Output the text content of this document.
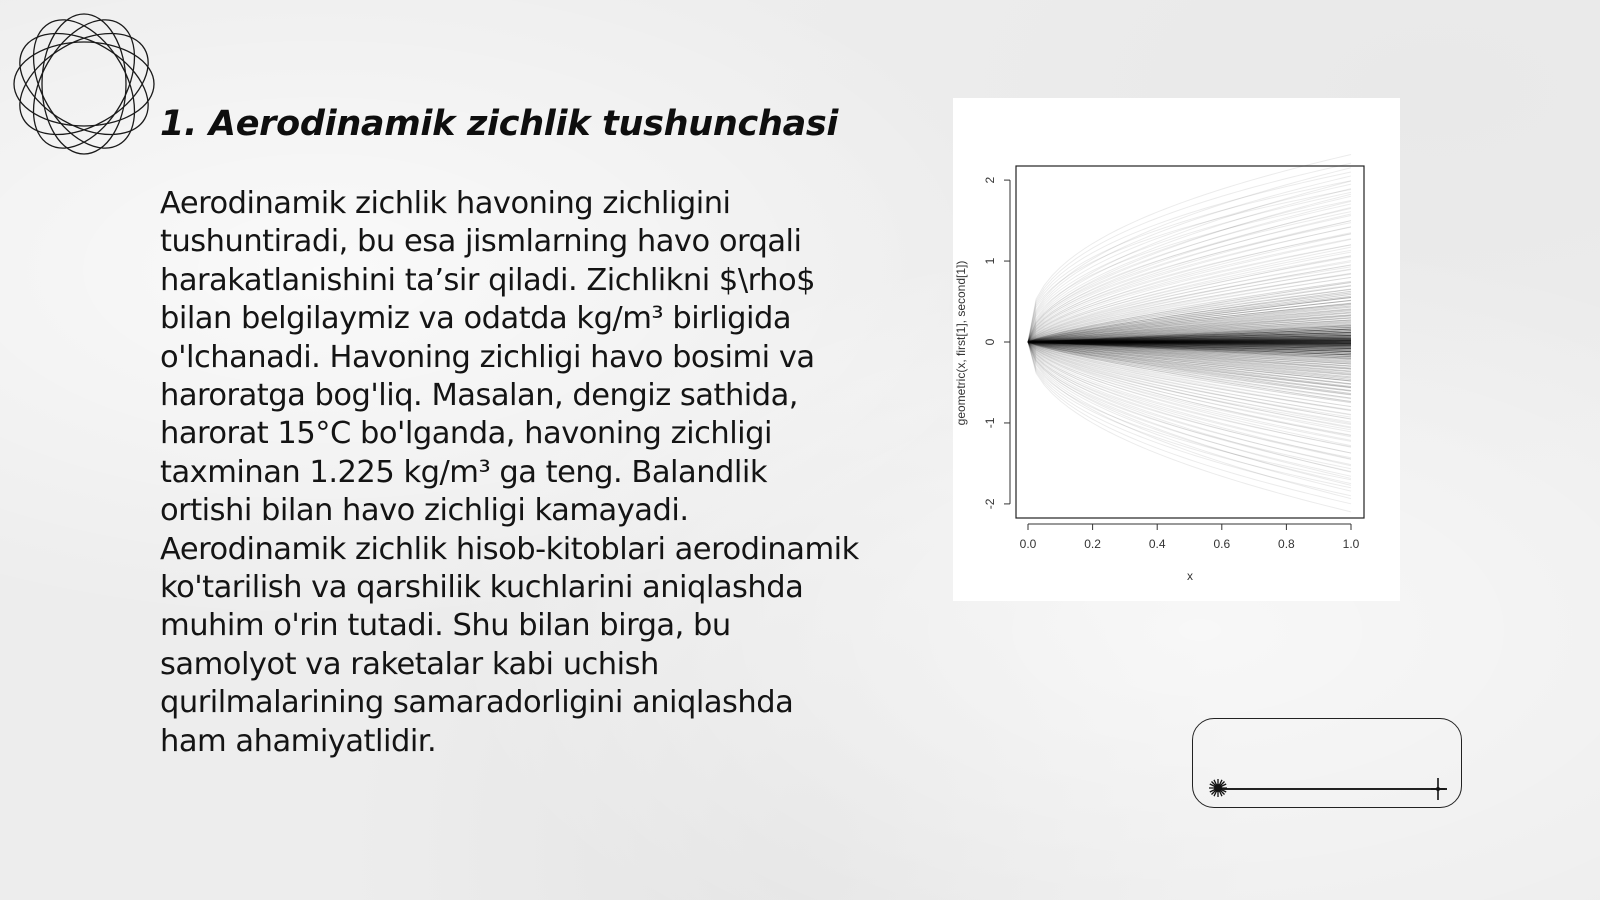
1. Aerodinamik zichlik tushunchasi

Aerodinamik zichlik havoning zichligini tushuntiradi, bu esa jismlarning havo orqali harakatlanishini ta’sir qiladi. Zichlikni $\rho$ bilan belgilaymiz va odatda kg/m³ birligida o'lchanadi. Havoning zichligi havo bosimi va haroratga bog'liq. Masalan, dengiz sathida, harorat 15°C bo'lganda, havoning zichligi taxminan 1.225 kg/m³ ga teng. Balandlik ortishi bilan havo zichligi kamayadi. Aerodinamik zichlik hisob-kitoblari aerodinamik ko'tarilish va qarshilik kuchlarini aniqlashda muhim o'rin tutadi. Shu bilan birga, bu samolyot va raketalar kabi uchish qurilmalarining samaradorligini aniqlashda ham ahamiyatlidir.

0.0	0.2	0.4	0.6	0.8	1.0
-2
-1
0
1
2
x
geometric(x, first[1], second[1])
